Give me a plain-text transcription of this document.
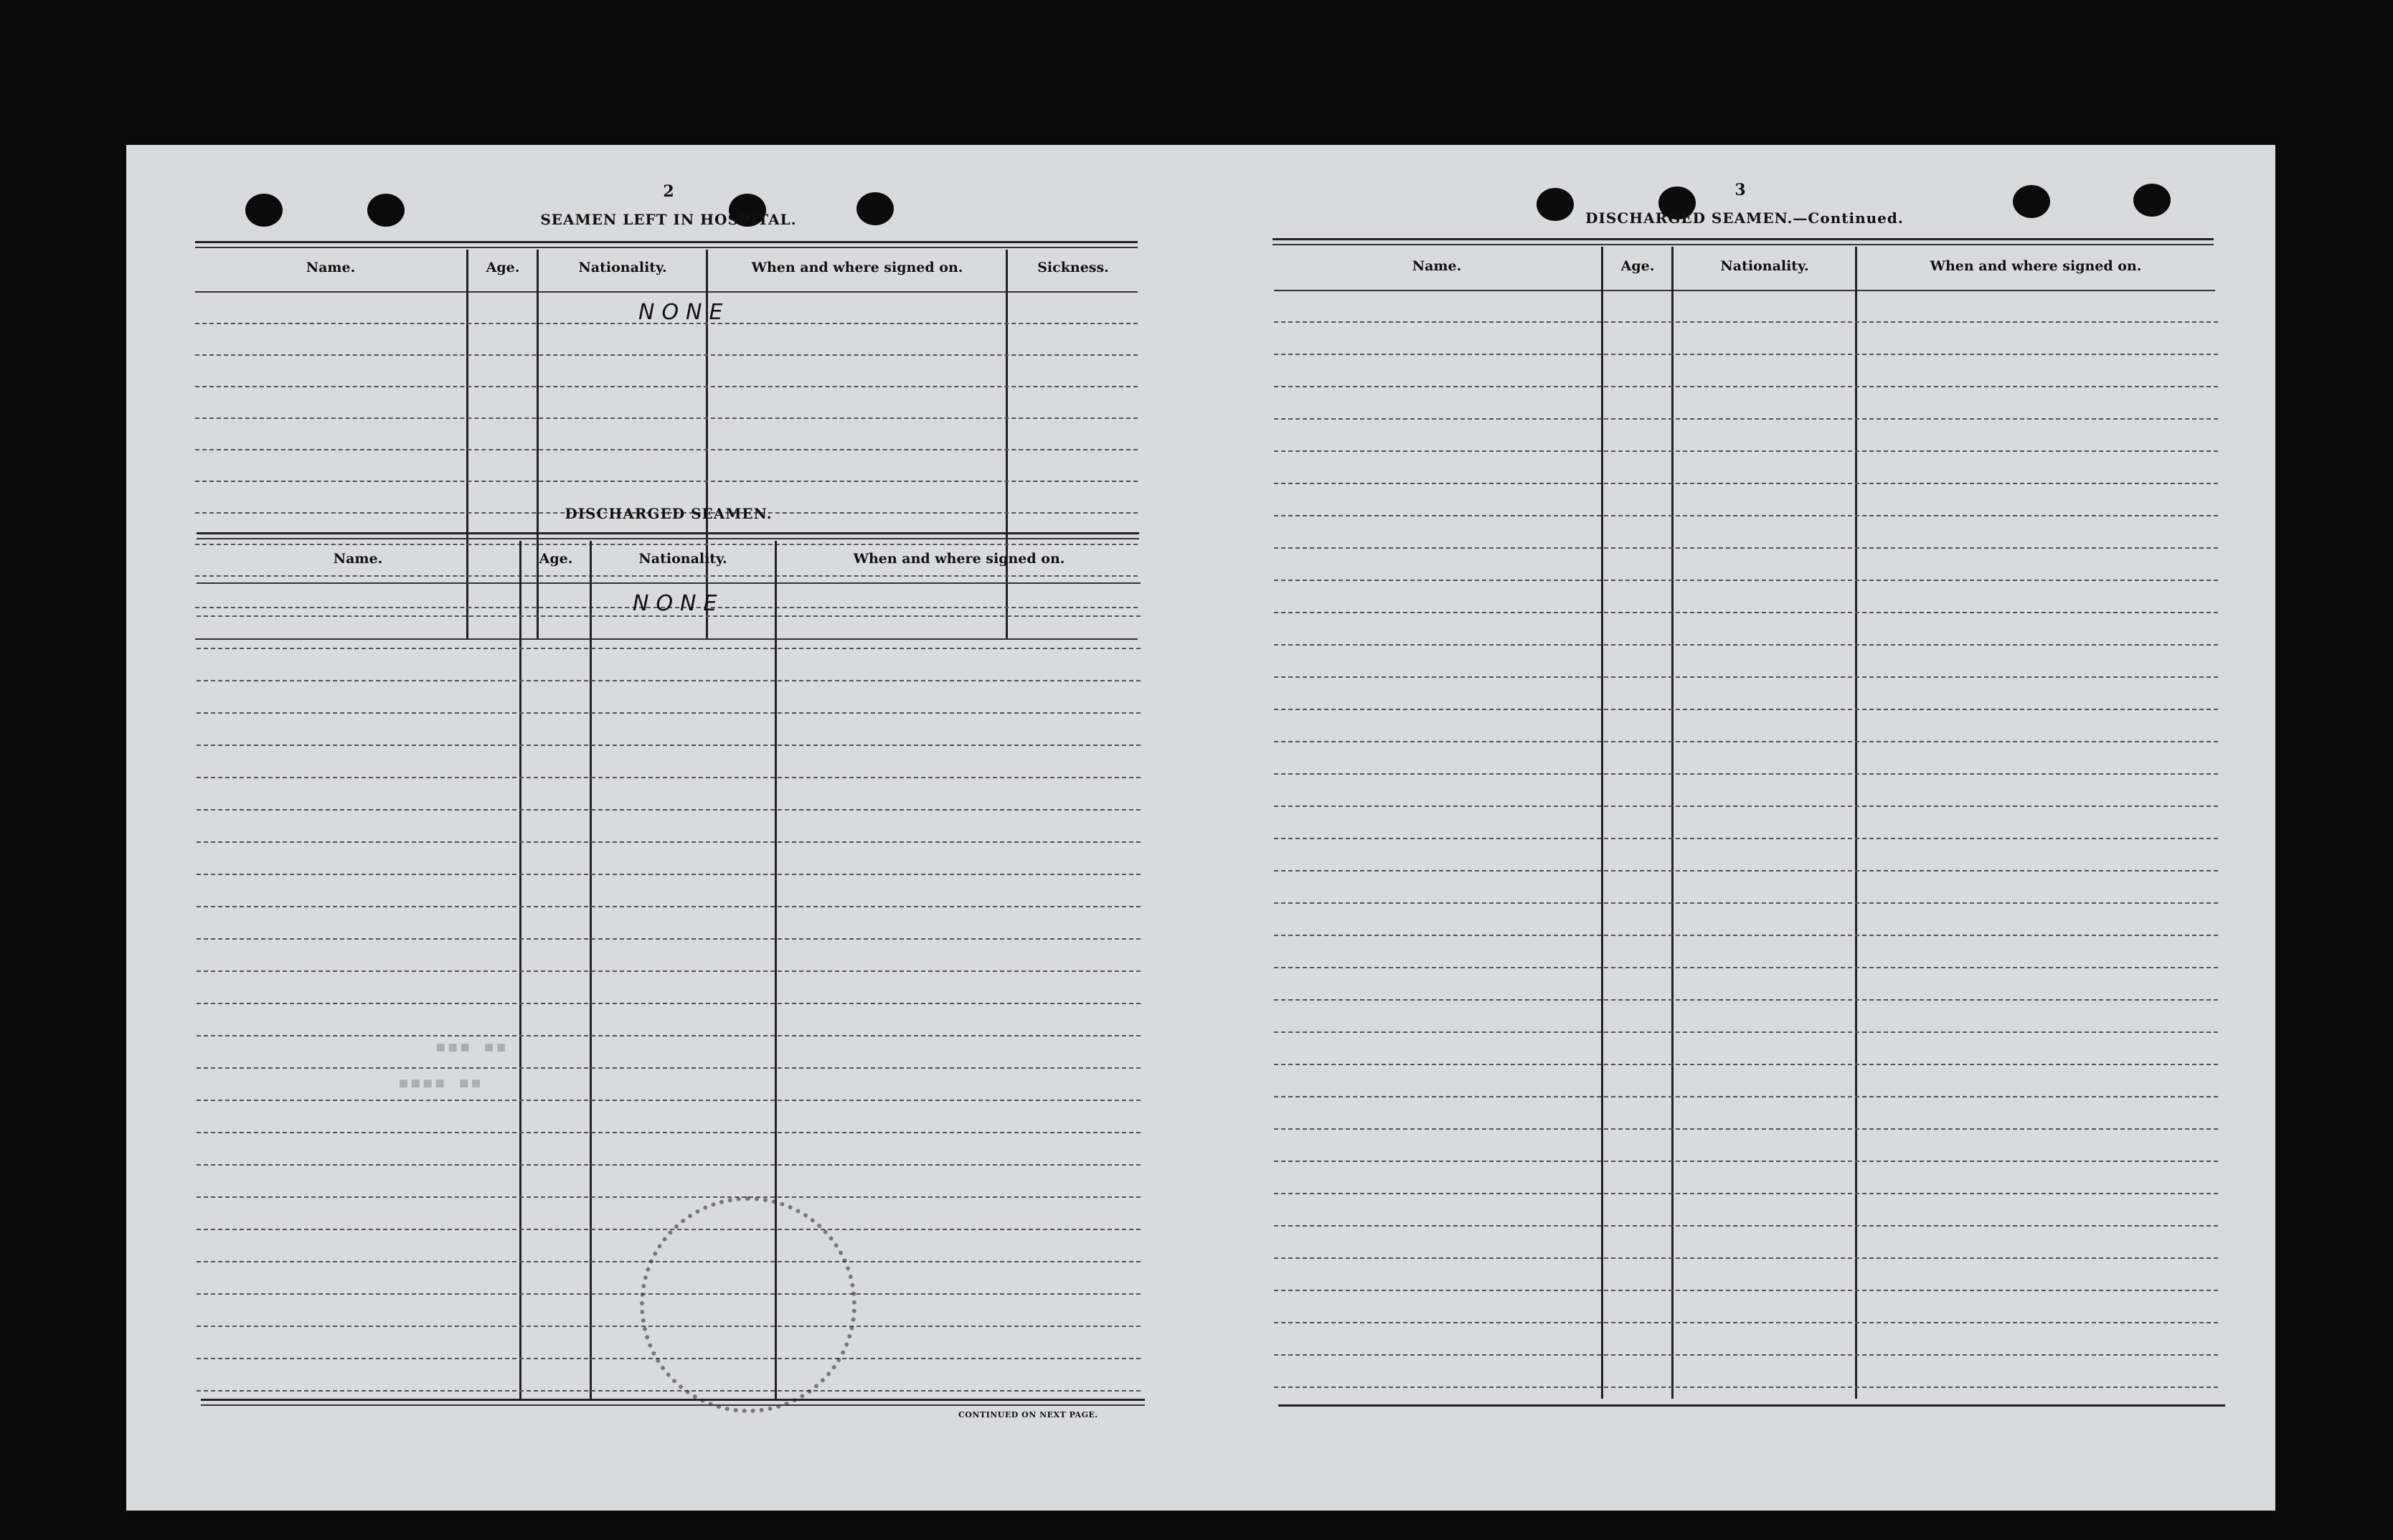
2
SEAMEN LEFT IN HOSPITAL.
Name.	Age.	Nationality.	When and where signed on.	Sickness.
NONE
DISCHARGED SEAMEN.
Name.	Age.	Nationality.	When and where signed on.
NONE
▪▪▪ ▪▪
▪▪▪▪ ▪▪
CONTINUED ON NEXT PAGE.
3
DISCHARGED SEAMEN.—Continued.
Name.	Age.	Nationality.	When and where signed on.
